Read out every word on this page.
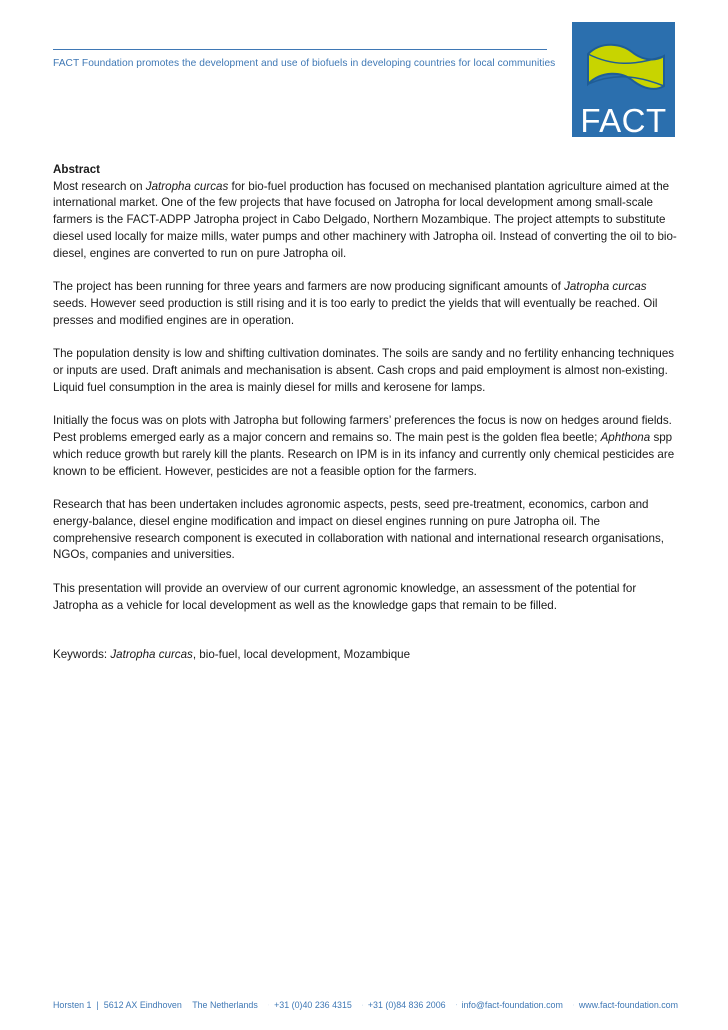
FACT Foundation promotes the development and use of biofuels in developing countries for local communities
FACT

Abstract

Most research on Jatropha curcas for bio-fuel production has focused on mechanised plantation agriculture aimed at the international market. One of the few projects that have focused on Jatropha for local development among small-scale farmers is the FACT-ADPP Jatropha project in Cabo Delgado, Northern Mozambique. The project attempts to substitute diesel used locally for maize mills, water pumps and other machinery with Jatropha oil. Instead of converting the oil to bio-diesel, engines are converted to run on pure Jatropha oil.

The project has been running for three years and farmers are now producing significant amounts of Jatropha curcas seeds. However seed production is still rising and it is too early to predict the yields that will eventually be reached. Oil presses and modified engines are in operation.

The population density is low and shifting cultivation dominates. The soils are sandy and no fertility enhancing techniques or inputs are used. Draft animals and mechanisation is absent. Cash crops and paid employment is almost non-existing. Liquid fuel consumption in the area is mainly diesel for mills and kerosene for lamps.

Initially the focus was on plots with Jatropha but following farmers’ preferences the focus is now on hedges around fields. Pest problems emerged early as a major concern and remains so. The main pest is the golden flea beetle; Aphthona spp which reduce growth but rarely kill the plants. Research on IPM is in its infancy and currently only chemical pesticides are known to be efficient. However, pesticides are not a feasible option for the farmers.

Research that has been undertaken includes agronomic aspects, pests, seed pre-treatment, economics, carbon and energy-balance, diesel engine modification and impact on diesel engines running on pure Jatropha oil. The comprehensive research component is executed in collaboration with national and international research organisations, NGOs, companies and universities.

This presentation will provide an overview of our current agronomic knowledge, an assessment of the potential for Jatropha as a vehicle for local development as well as the knowledge gaps that remain to be filled.

Keywords: Jatropha curcas, bio-fuel, local development, Mozambique

Horsten 1 | 5612 AX Eindhoven The Netherlands +31 (0)40 236 4315 +31 (0)84 836 2006 info@fact-foundation.com www.fact-foundation.com
